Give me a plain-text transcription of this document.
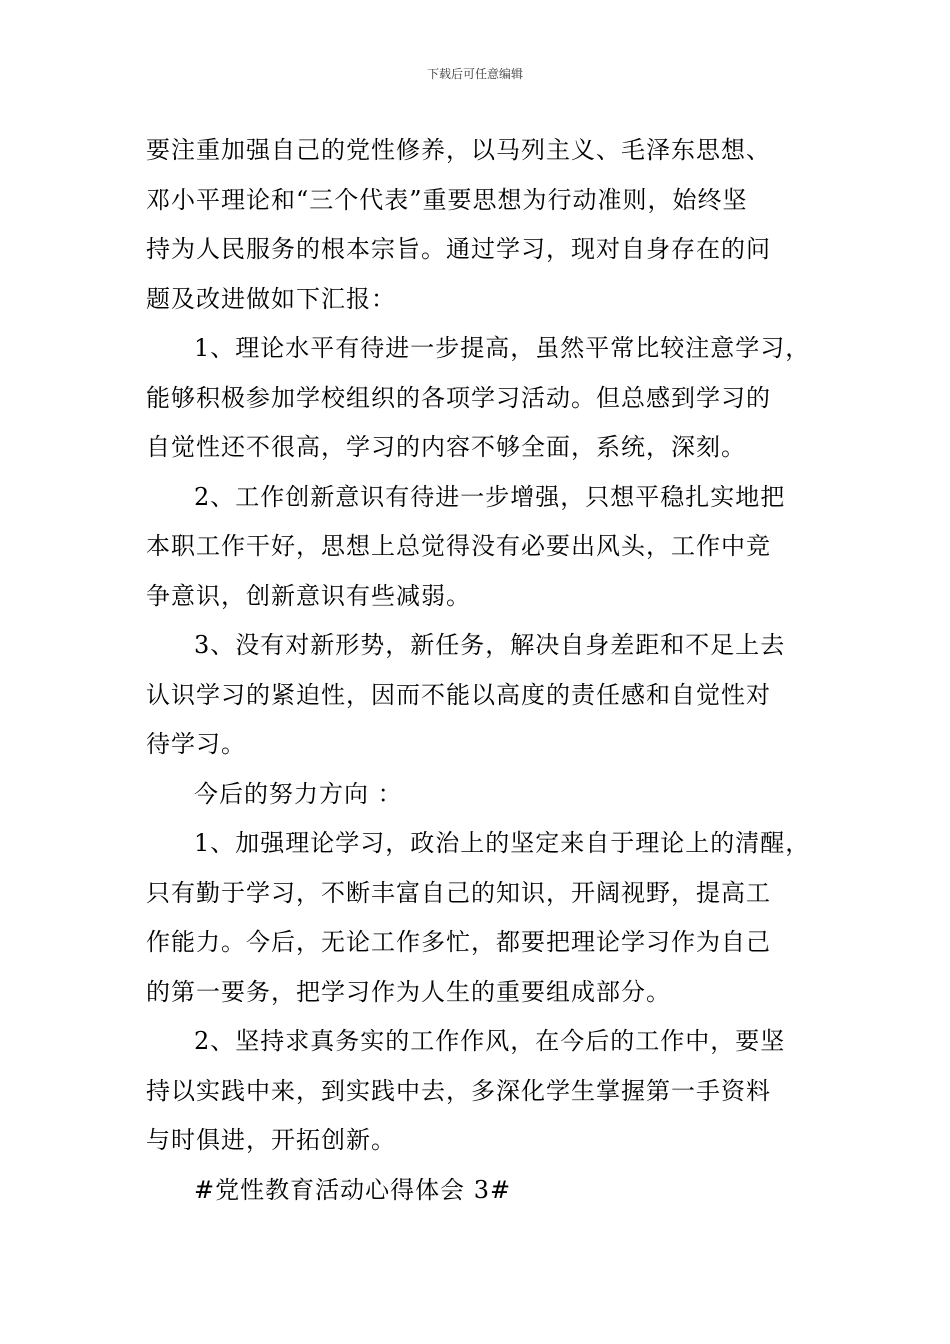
下载后可任意编辑

要注重加强自己的党性修养，以马列主义、毛泽东思想、
邓小平理论和“三个代表”重要思想为行动准则，始终坚
持为人民服务的根本宗旨。通过学习，现对自身存在的问
题及改进做如下汇报：

1、理论水平有待进一步提高，虽然平常比较注意学习，
能够积极参加学校组织的各项学习活动。但总感到学习的
自觉性还不很高，学习的内容不够全面，系统，深刻。

2、工作创新意识有待进一步增强，只想平稳扎实地把
本职工作干好，思想上总觉得没有必要出风头，工作中竞
争意识，创新意识有些减弱。

3、没有对新形势，新任务，解决自身差距和不足上去
认识学习的紧迫性，因而不能以高度的责任感和自觉性对
待学习。

今后的努力方向 ：

1、加强理论学习，政治上的坚定来自于理论上的清醒，
只有勤于学习，不断丰富自己的知识，开阔视野，提高工
作能力。今后，无论工作多忙，都要把理论学习作为自己
的第一要务，把学习作为人生的重要组成部分。

2、坚持求真务实的工作作风，在今后的工作中，要坚
持以实践中来，到实践中去，多深化学生掌握第一手资料
与时俱进，开拓创新。

#党性教育活动心得体会 3#
